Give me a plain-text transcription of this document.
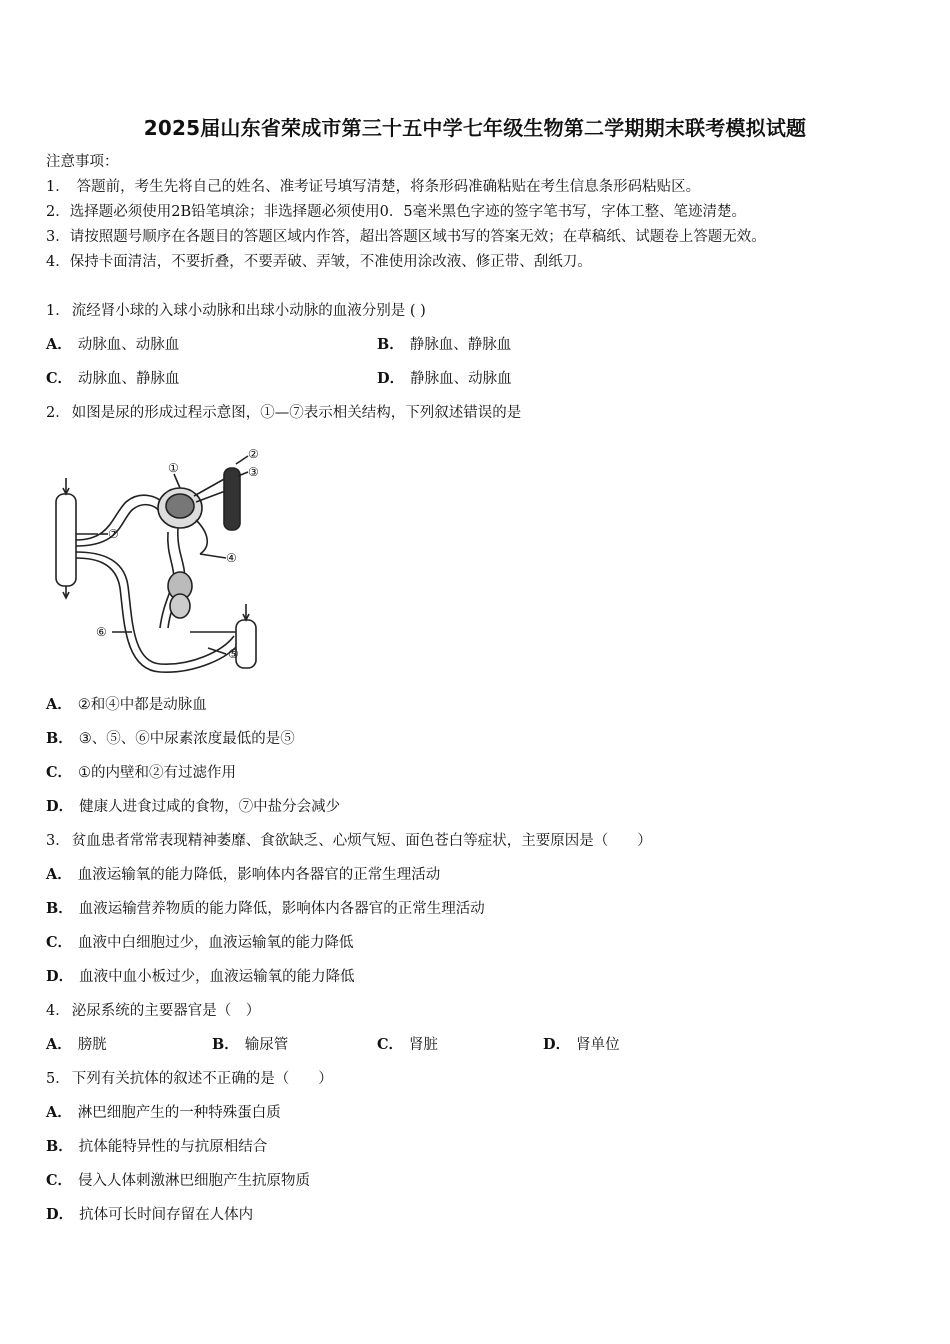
2025届山东省荣成市第三十五中学七年级生物第二学期期末联考模拟试题
注意事项：
1． 答题前，考生先将自己的姓名、准考证号填写清楚，将条形码准确粘贴在考生信息条形码粘贴区。
2．选择题必须使用2B铅笔填涂；非选择题必须使用0．5毫米黑色字迹的签字笔书写，字体工整、笔迹清楚。
3．请按照题号顺序在各题目的答题区域内作答，超出答题区域书写的答案无效；在草稿纸、试题卷上答题无效。
4．保持卡面清洁，不要折叠，不要弄破、弄皱，不准使用涂改液、修正带、刮纸刀。
1． 流经肾小球的入球小动脉和出球小动脉的血液分别是 ( )
A． 动脉血、动脉血	B． 静脉血、静脉血
C． 动脉血、静脉血	D． 静脉血、动脉血
2． 如图是尿的形成过程示意图，①—⑦表示相关结构，下列叙述错误的是
⑦
①
②
③
④
⑥
⑤
A． ②和④中都是动脉血
B． ③、⑤、⑥中尿素浓度最低的是⑤
C． ①的内壁和②有过滤作用
D． 健康人进食过咸的食物，⑦中盐分会减少
3． 贫血患者常常表现精神萎靡、食欲缺乏、心烦气短、面色苍白等症状，主要原因是（　　）
A． 血液运输氧的能力降低，影响体内各器官的正常生理活动
B． 血液运输营养物质的能力降低，影响体内各器官的正常生理活动
C． 血液中白细胞过少，血液运输氧的能力降低
D． 血液中血小板过少，血液运输氧的能力降低
4． 泌尿系统的主要器官是（　）
A． 膀胱	B． 输尿管	C． 肾脏	D． 肾单位
5． 下列有关抗体的叙述不正确的是（　　）
A． 淋巴细胞产生的一种特殊蛋白质
B． 抗体能特异性的与抗原相结合
C． 侵入人体刺激淋巴细胞产生抗原物质
D． 抗体可长时间存留在人体内
